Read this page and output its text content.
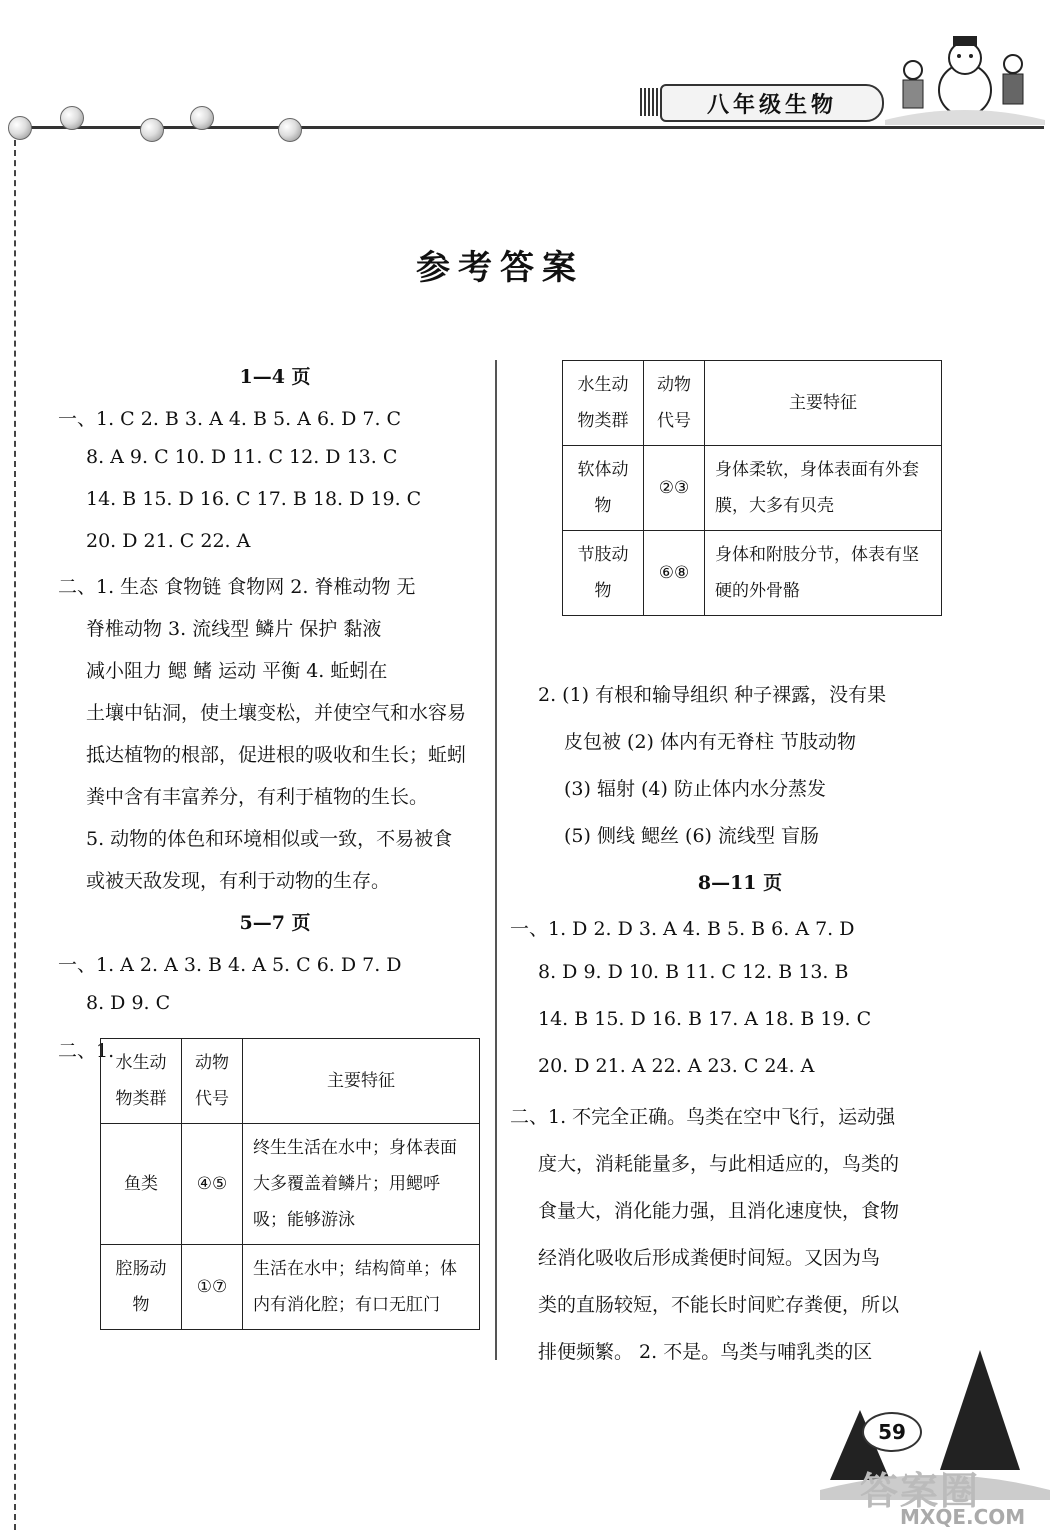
八年级生物
参考答案
1—4 页
一、1. C 2. B 3. A 4. B 5. A 6. D 7. C
8. A 9. C 10. D 11. C 12. D 13. C
14. B 15. D 16. C 17. B 18. D 19. C
20. D 21. C 22. A
二、1. 生态 食物链 食物网 2. 脊椎动物 无
脊椎动物 3. 流线型 鳞片 保护 黏液
减小阻力 鳃 鳍 运动 平衡 4. 蚯蚓在
土壤中钻洞，使土壤变松，并使空气和水容易
抵达植物的根部，促进根的吸收和生长；蚯蚓
粪中含有丰富养分，有利于植物的生长。
5. 动物的体色和环境相似或一致，不易被食
或被天敌发现，有利于动物的生存。
5—7 页
一、1. A 2. A 3. B 4. A 5. C 6. D 7. D
8. D 9. C
二、1.
水生动物类群	动物代号	主要特征
鱼类	④⑤	终生生活在水中；身体表面大多覆盖着鳞片；用鳃呼吸；能够游泳
腔肠动物	①⑦	生活在水中；结构简单；体内有消化腔；有口无肛门
水生动物类群	动物代号	主要特征
软体动物	②③	身体柔软，身体表面有外套膜，大多有贝壳
节肢动物	⑥⑧	身体和附肢分节，体表有坚硬的外骨骼
2. (1) 有根和输导组织 种子裸露，没有果
皮包被 (2) 体内有无脊柱 节肢动物
(3) 辐射 (4) 防止体内水分蒸发
(5) 侧线 鳃丝 (6) 流线型 盲肠
8—11 页
一、1. D 2. D 3. A 4. B 5. B 6. A 7. D
8. D 9. D 10. B 11. C 12. B 13. B
14. B 15. D 16. B 17. A 18. B 19. C
20. D 21. A 22. A 23. C 24. A
二、1. 不完全正确。鸟类在空中飞行，运动强
度大，消耗能量多，与此相适应的，鸟类的
食量大，消化能力强，且消化速度快，食物
经消化吸收后形成粪便时间短。又因为鸟
类的直肠较短，不能长时间贮存粪便，所以
排便频繁。 2. 不是。鸟类与哺乳类的区
59
答案圈
MXQE.COM
